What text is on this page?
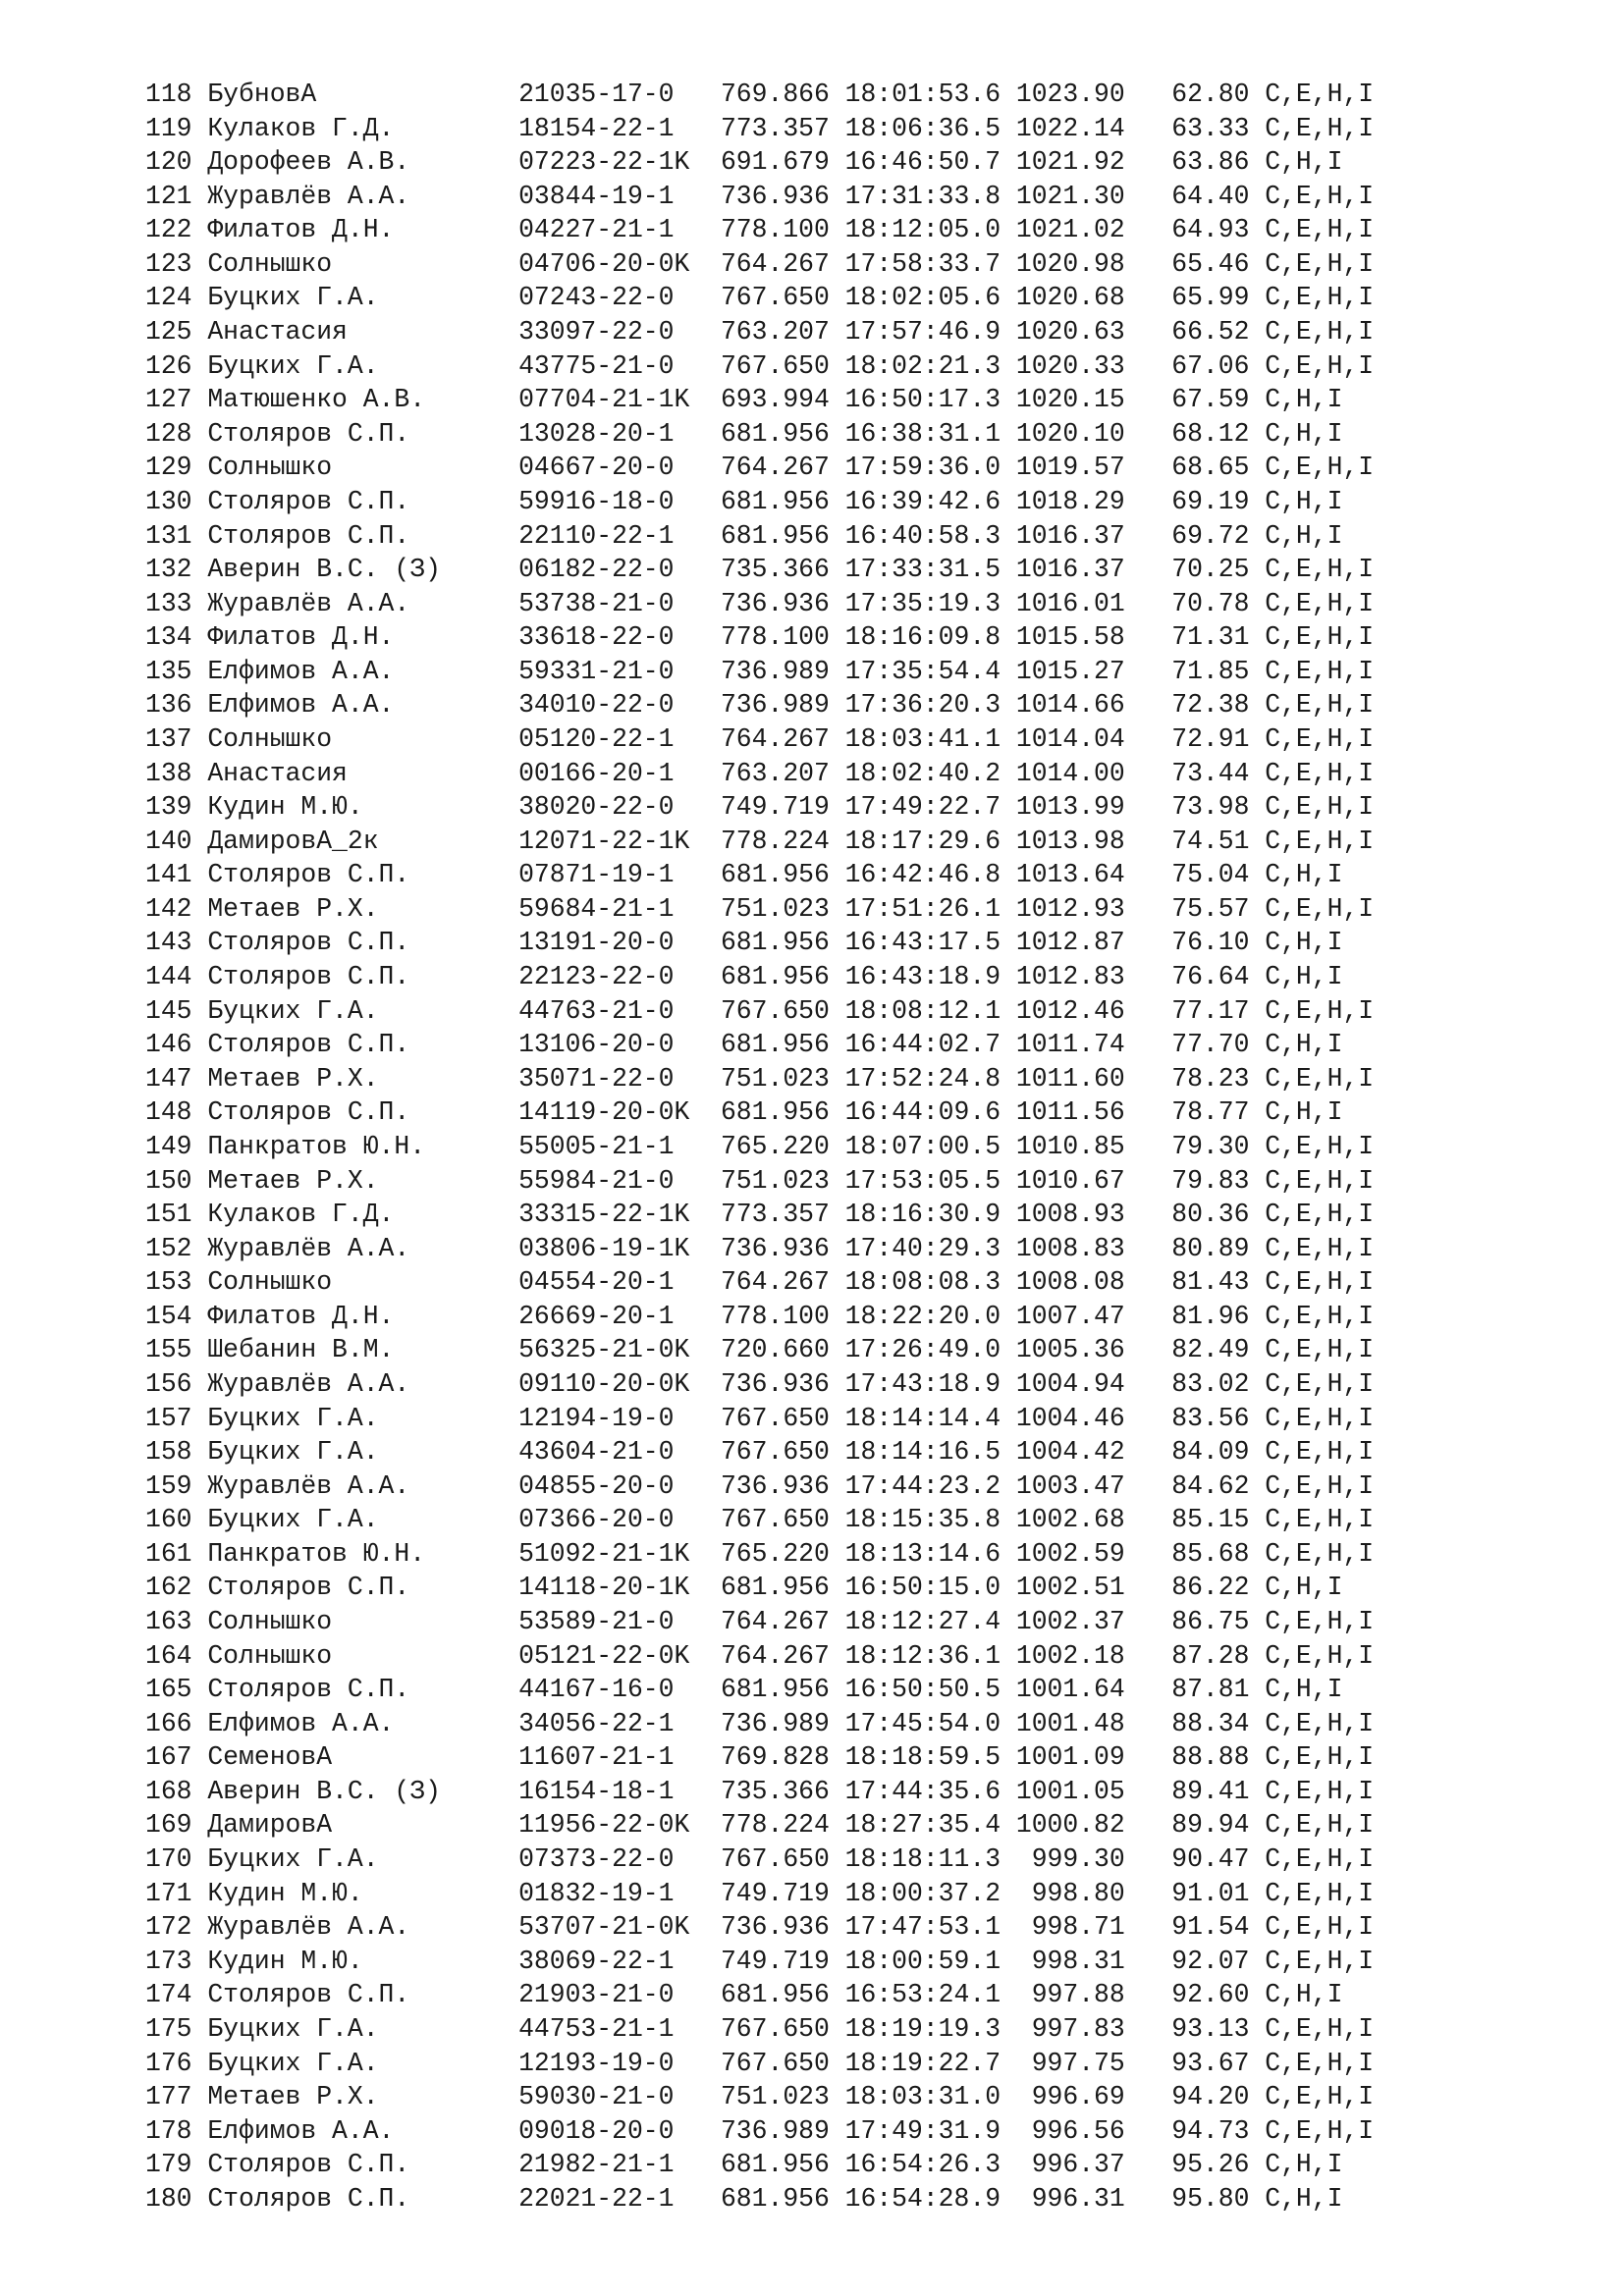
118 БубновА             21035-17-0   769.866 18:01:53.6 1023.90   62.80 C,E,H,I
119 Кулаков Г.Д.        18154-22-1   773.357 18:06:36.5 1022.14   63.33 C,E,H,I
120 Дорофеев А.В.       07223-22-1K  691.679 16:46:50.7 1021.92   63.86 C,H,I
121 Журавлёв А.А.       03844-19-1   736.936 17:31:33.8 1021.30   64.40 C,E,H,I
122 Филатов Д.Н.        04227-21-1   778.100 18:12:05.0 1021.02   64.93 C,E,H,I
123 Солнышко            04706-20-0K  764.267 17:58:33.7 1020.98   65.46 C,E,H,I
124 Буцких Г.А.         07243-22-0   767.650 18:02:05.6 1020.68   65.99 C,E,H,I
125 Анастасия           33097-22-0   763.207 17:57:46.9 1020.63   66.52 C,E,H,I
126 Буцких Г.А.         43775-21-0   767.650 18:02:21.3 1020.33   67.06 C,E,H,I
127 Матюшенко А.В.      07704-21-1K  693.994 16:50:17.3 1020.15   67.59 C,H,I
128 Столяров С.П.       13028-20-1   681.956 16:38:31.1 1020.10   68.12 C,H,I
129 Солнышко            04667-20-0   764.267 17:59:36.0 1019.57   68.65 C,E,H,I
130 Столяров С.П.       59916-18-0   681.956 16:39:42.6 1018.29   69.19 C,H,I
131 Столяров С.П.       22110-22-1   681.956 16:40:58.3 1016.37   69.72 C,H,I
132 Аверин В.С. (З)     06182-22-0   735.366 17:33:31.5 1016.37   70.25 C,E,H,I
133 Журавлёв А.А.       53738-21-0   736.936 17:35:19.3 1016.01   70.78 C,E,H,I
134 Филатов Д.Н.        33618-22-0   778.100 18:16:09.8 1015.58   71.31 C,E,H,I
135 Елфимов А.А.        59331-21-0   736.989 17:35:54.4 1015.27   71.85 C,E,H,I
136 Елфимов А.А.        34010-22-0   736.989 17:36:20.3 1014.66   72.38 C,E,H,I
137 Солнышко            05120-22-1   764.267 18:03:41.1 1014.04   72.91 C,E,H,I
138 Анастасия           00166-20-1   763.207 18:02:40.2 1014.00   73.44 C,E,H,I
139 Кудин М.Ю.          38020-22-0   749.719 17:49:22.7 1013.99   73.98 C,E,H,I
140 ДамировА_2к         12071-22-1K  778.224 18:17:29.6 1013.98   74.51 C,E,H,I
141 Столяров С.П.       07871-19-1   681.956 16:42:46.8 1013.64   75.04 C,H,I
142 Метаев Р.Х.         59684-21-1   751.023 17:51:26.1 1012.93   75.57 C,E,H,I
143 Столяров С.П.       13191-20-0   681.956 16:43:17.5 1012.87   76.10 C,H,I
144 Столяров С.П.       22123-22-0   681.956 16:43:18.9 1012.83   76.64 C,H,I
145 Буцких Г.А.         44763-21-0   767.650 18:08:12.1 1012.46   77.17 C,E,H,I
146 Столяров С.П.       13106-20-0   681.956 16:44:02.7 1011.74   77.70 C,H,I
147 Метаев Р.Х.         35071-22-0   751.023 17:52:24.8 1011.60   78.23 C,E,H,I
148 Столяров С.П.       14119-20-0K  681.956 16:44:09.6 1011.56   78.77 C,H,I
149 Панкратов Ю.Н.      55005-21-1   765.220 18:07:00.5 1010.85   79.30 C,E,H,I
150 Метаев Р.Х.         55984-21-0   751.023 17:53:05.5 1010.67   79.83 C,E,H,I
151 Кулаков Г.Д.        33315-22-1K  773.357 18:16:30.9 1008.93   80.36 C,E,H,I
152 Журавлёв А.А.       03806-19-1K  736.936 17:40:29.3 1008.83   80.89 C,E,H,I
153 Солнышко            04554-20-1   764.267 18:08:08.3 1008.08   81.43 C,E,H,I
154 Филатов Д.Н.        26669-20-1   778.100 18:22:20.0 1007.47   81.96 C,E,H,I
155 Шебанин В.М.        56325-21-0K  720.660 17:26:49.0 1005.36   82.49 C,E,H,I
156 Журавлёв А.А.       09110-20-0K  736.936 17:43:18.9 1004.94   83.02 C,E,H,I
157 Буцких Г.А.         12194-19-0   767.650 18:14:14.4 1004.46   83.56 C,E,H,I
158 Буцких Г.А.         43604-21-0   767.650 18:14:16.5 1004.42   84.09 C,E,H,I
159 Журавлёв А.А.       04855-20-0   736.936 17:44:23.2 1003.47   84.62 C,E,H,I
160 Буцких Г.А.         07366-20-0   767.650 18:15:35.8 1002.68   85.15 C,E,H,I
161 Панкратов Ю.Н.      51092-21-1K  765.220 18:13:14.6 1002.59   85.68 C,E,H,I
162 Столяров С.П.       14118-20-1K  681.956 16:50:15.0 1002.51   86.22 C,H,I
163 Солнышко            53589-21-0   764.267 18:12:27.4 1002.37   86.75 C,E,H,I
164 Солнышко            05121-22-0K  764.267 18:12:36.1 1002.18   87.28 C,E,H,I
165 Столяров С.П.       44167-16-0   681.956 16:50:50.5 1001.64   87.81 C,H,I
166 Елфимов А.А.        34056-22-1   736.989 17:45:54.0 1001.48   88.34 C,E,H,I
167 СеменовА            11607-21-1   769.828 18:18:59.5 1001.09   88.88 C,E,H,I
168 Аверин В.С. (З)     16154-18-1   735.366 17:44:35.6 1001.05   89.41 C,E,H,I
169 ДамировА            11956-22-0K  778.224 18:27:35.4 1000.82   89.94 C,E,H,I
170 Буцких Г.А.         07373-22-0   767.650 18:18:11.3  999.30   90.47 C,E,H,I
171 Кудин М.Ю.          01832-19-1   749.719 18:00:37.2  998.80   91.01 C,E,H,I
172 Журавлёв А.А.       53707-21-0K  736.936 17:47:53.1  998.71   91.54 C,E,H,I
173 Кудин М.Ю.          38069-22-1   749.719 18:00:59.1  998.31   92.07 C,E,H,I
174 Столяров С.П.       21903-21-0   681.956 16:53:24.1  997.88   92.60 C,H,I
175 Буцких Г.А.         44753-21-1   767.650 18:19:19.3  997.83   93.13 C,E,H,I
176 Буцких Г.А.         12193-19-0   767.650 18:19:22.7  997.75   93.67 C,E,H,I
177 Метаев Р.Х.         59030-21-0   751.023 18:03:31.0  996.69   94.20 C,E,H,I
178 Елфимов А.А.        09018-20-0   736.989 17:49:31.9  996.56   94.73 C,E,H,I
179 Столяров С.П.       21982-21-1   681.956 16:54:26.3  996.37   95.26 C,H,I
180 Столяров С.П.       22021-22-1   681.956 16:54:28.9  996.31   95.80 C,H,I
